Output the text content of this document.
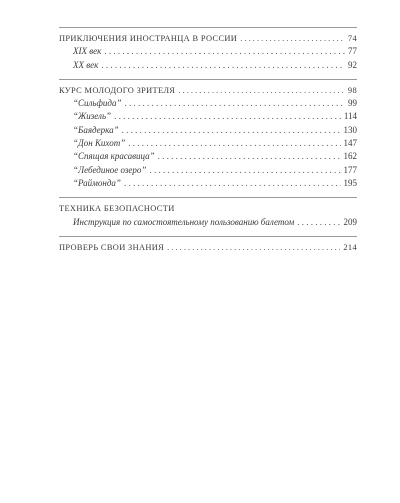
ПРИКЛЮЧЕНИЯ ИНОСТРАНЦА В РОССИИ . . .	74
XIX век . . .	77
XX век . . .	92
КУРС МОЛОДОГО ЗРИТЕЛЯ . . .	98
“Сильфида” . . .	99
“Жизель” . . .	114
“Баядерка” . . .	130
“Дон Кихот” . . .	147
“Спящая красавица” . . .	162
“Лебединое озеро” . . .	177
“Раймонда” . . .	195
ТЕХНИКА БЕЗОПАСНОСТИ
Инструкция по самостоятельному пользованию балетом . . .	209
ПРОВЕРЬ СВОИ ЗНАНИЯ . . .	214
